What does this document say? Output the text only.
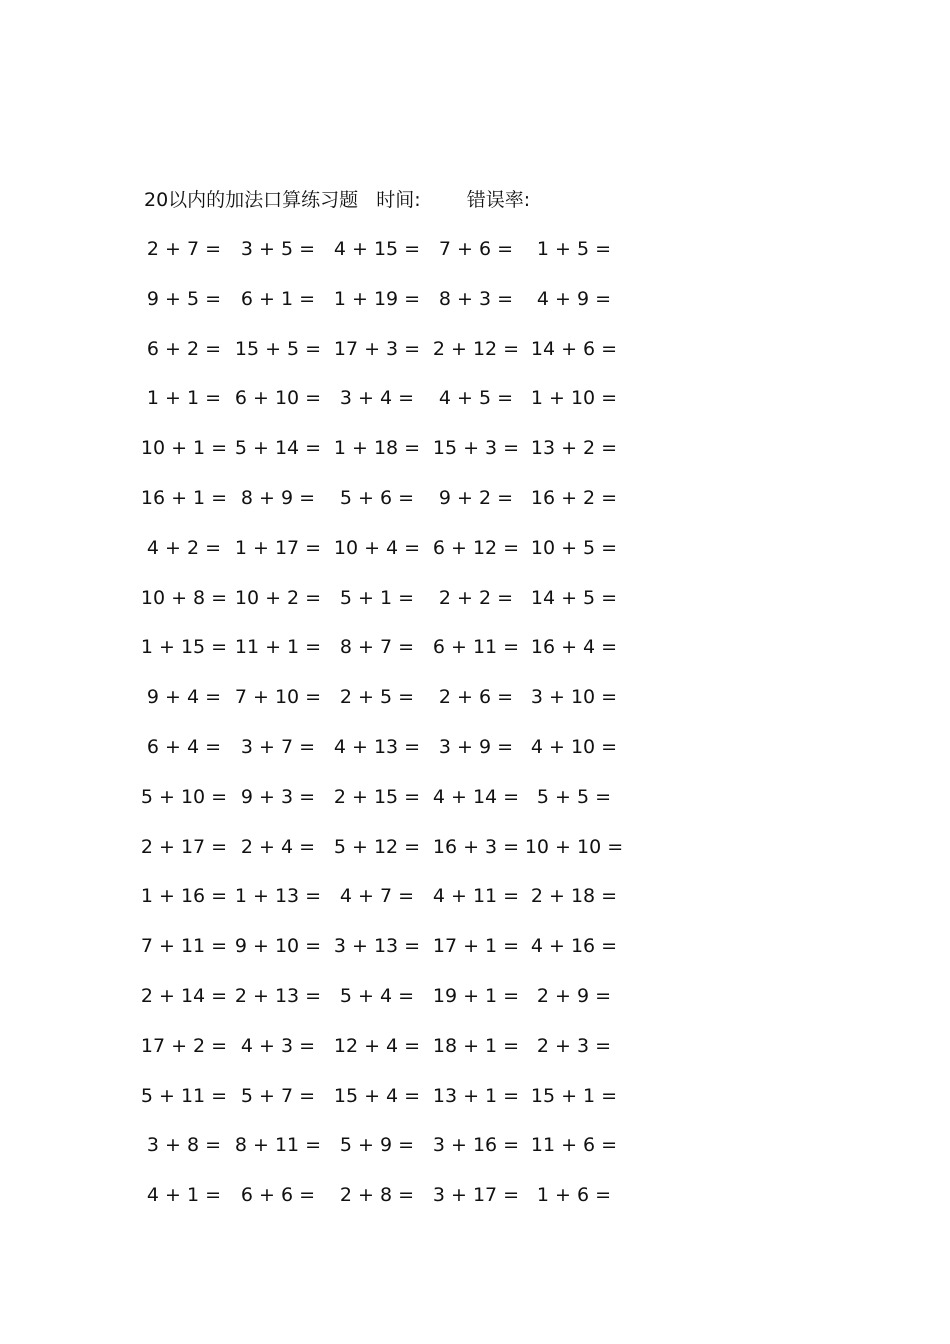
20以内的加法口算练习题 时间: 错误率:
2 + 7 = 3 + 5 = 4 + 15 = 7 + 6 = 1 + 5 =
9 + 5 = 6 + 1 = 1 + 19 = 8 + 3 = 4 + 9 =
6 + 2 = 15 + 5 = 17 + 3 = 2 + 12 = 14 + 6 =
1 + 1 = 6 + 10 = 3 + 4 = 4 + 5 = 1 + 10 =
10 + 1 = 5 + 14 = 1 + 18 = 15 + 3 = 13 + 2 =
16 + 1 = 8 + 9 = 5 + 6 = 9 + 2 = 16 + 2 =
4 + 2 = 1 + 17 = 10 + 4 = 6 + 12 = 10 + 5 =
10 + 8 = 10 + 2 = 5 + 1 = 2 + 2 = 14 + 5 =
1 + 15 = 11 + 1 = 8 + 7 = 6 + 11 = 16 + 4 =
9 + 4 = 7 + 10 = 2 + 5 = 2 + 6 = 3 + 10 =
6 + 4 = 3 + 7 = 4 + 13 = 3 + 9 = 4 + 10 =
5 + 10 = 9 + 3 = 2 + 15 = 4 + 14 = 5 + 5 =
2 + 17 = 2 + 4 = 5 + 12 = 16 + 3 = 10 + 10 =
1 + 16 = 1 + 13 = 4 + 7 = 4 + 11 = 2 + 18 =
7 + 11 = 9 + 10 = 3 + 13 = 17 + 1 = 4 + 16 =
2 + 14 = 2 + 13 = 5 + 4 = 19 + 1 = 2 + 9 =
17 + 2 = 4 + 3 = 12 + 4 = 18 + 1 = 2 + 3 =
5 + 11 = 5 + 7 = 15 + 4 = 13 + 1 = 15 + 1 =
3 + 8 = 8 + 11 = 5 + 9 = 3 + 16 = 11 + 6 =
4 + 1 = 6 + 6 = 2 + 8 = 3 + 17 = 1 + 6 =
